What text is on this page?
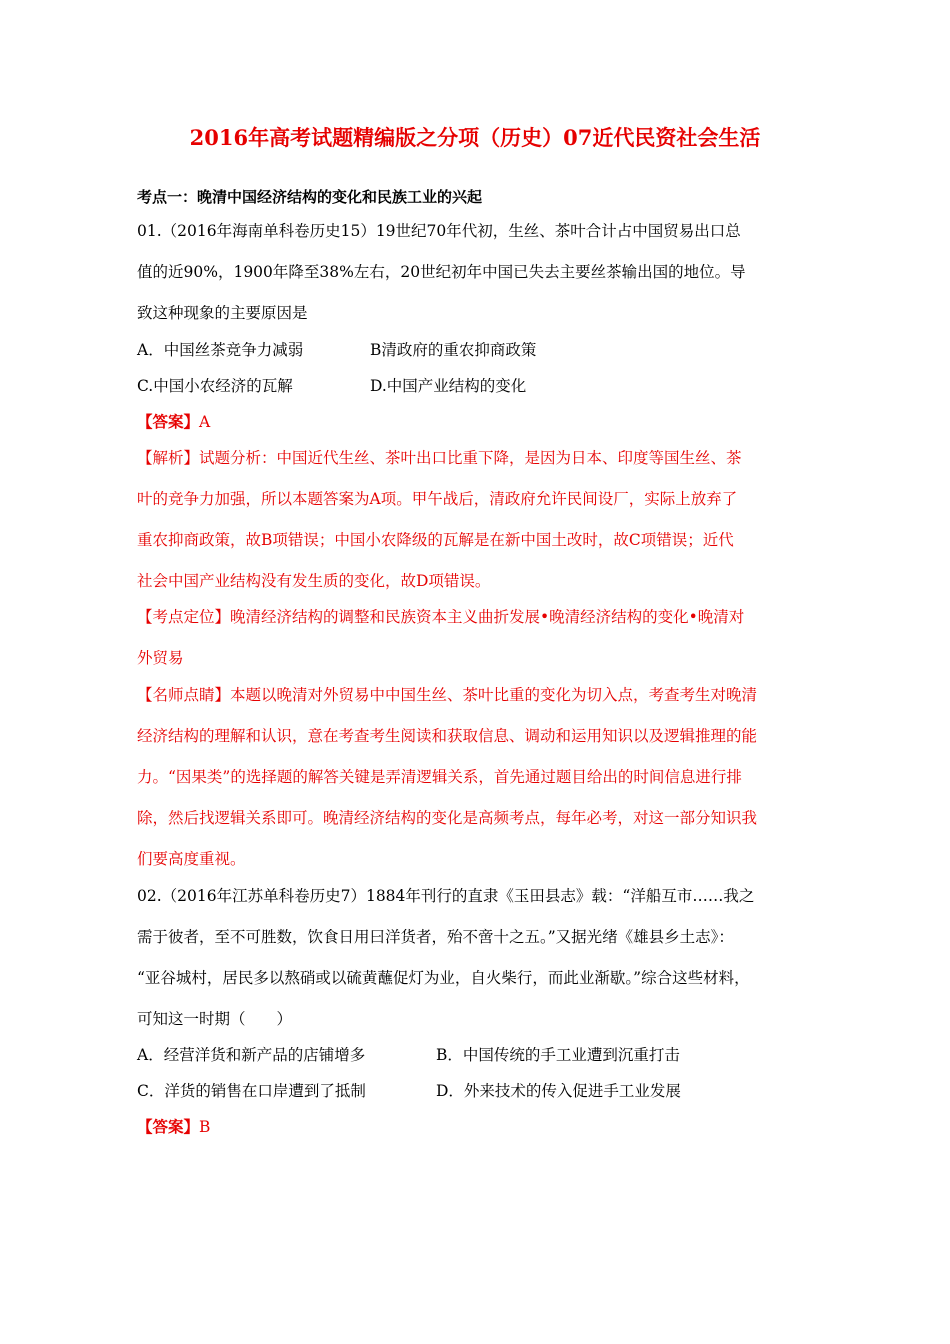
2016年高考试题精编版之分项（历史）07近代民资社会生活
考点一：晚清中国经济结构的变化和民族工业的兴起
01.（2016年海南单科卷历史15）19世纪70年代初，生丝、茶叶合计占中国贸易出口总
值的近90%，1900年降至38%左右，20世纪初年中国已失去主要丝茶输出国的地位。导
致这种现象的主要原因是
A．中国丝茶竞争力减弱	B清政府的重农抑商政策
C.中国小农经济的瓦解	D.中国产业结构的变化
【答案】A
【解析】试题分析：中国近代生丝、茶叶出口比重下降，是因为日本、印度等国生丝、茶
叶的竞争力加强，所以本题答案为A项。甲午战后，清政府允许民间设厂，实际上放弃了
重农抑商政策，故B项错误；中国小农降级的瓦解是在新中国土改时，故C项错误；近代
社会中国产业结构没有发生质的变化，故D项错误。
【考点定位】晚清经济结构的调整和民族资本主义曲折发展•晚清经济结构的变化•晚清对
外贸易
【名师点睛】本题以晚清对外贸易中中国生丝、茶叶比重的变化为切入点，考查考生对晚清
经济结构的理解和认识，意在考查考生阅读和获取信息、调动和运用知识以及逻辑推理的能
力。“因果类”的选择题的解答关键是弄清逻辑关系，首先通过题目给出的时间信息进行排
除，然后找逻辑关系即可。晚清经济结构的变化是高频考点，每年必考，对这一部分知识我
们要高度重视。
02.（2016年江苏单科卷历史7）1884年刊行的直隶《玉田县志》载：“洋船互市……我之
需于彼者，至不可胜数，饮食日用曰洋货者，殆不啻十之五。”又据光绪《雄县乡土志》：
“亚谷城村，居民多以熬硝或以硫黄蘸促灯为业，自火柴行，而此业渐歇。”综合这些材料，
可知这一时期（　　）
A．经营洋货和新产品的店铺增多	B．中国传统的手工业遭到沉重打击
C．洋货的销售在口岸遭到了抵制	D．外来技术的传入促进手工业发展
【答案】B
